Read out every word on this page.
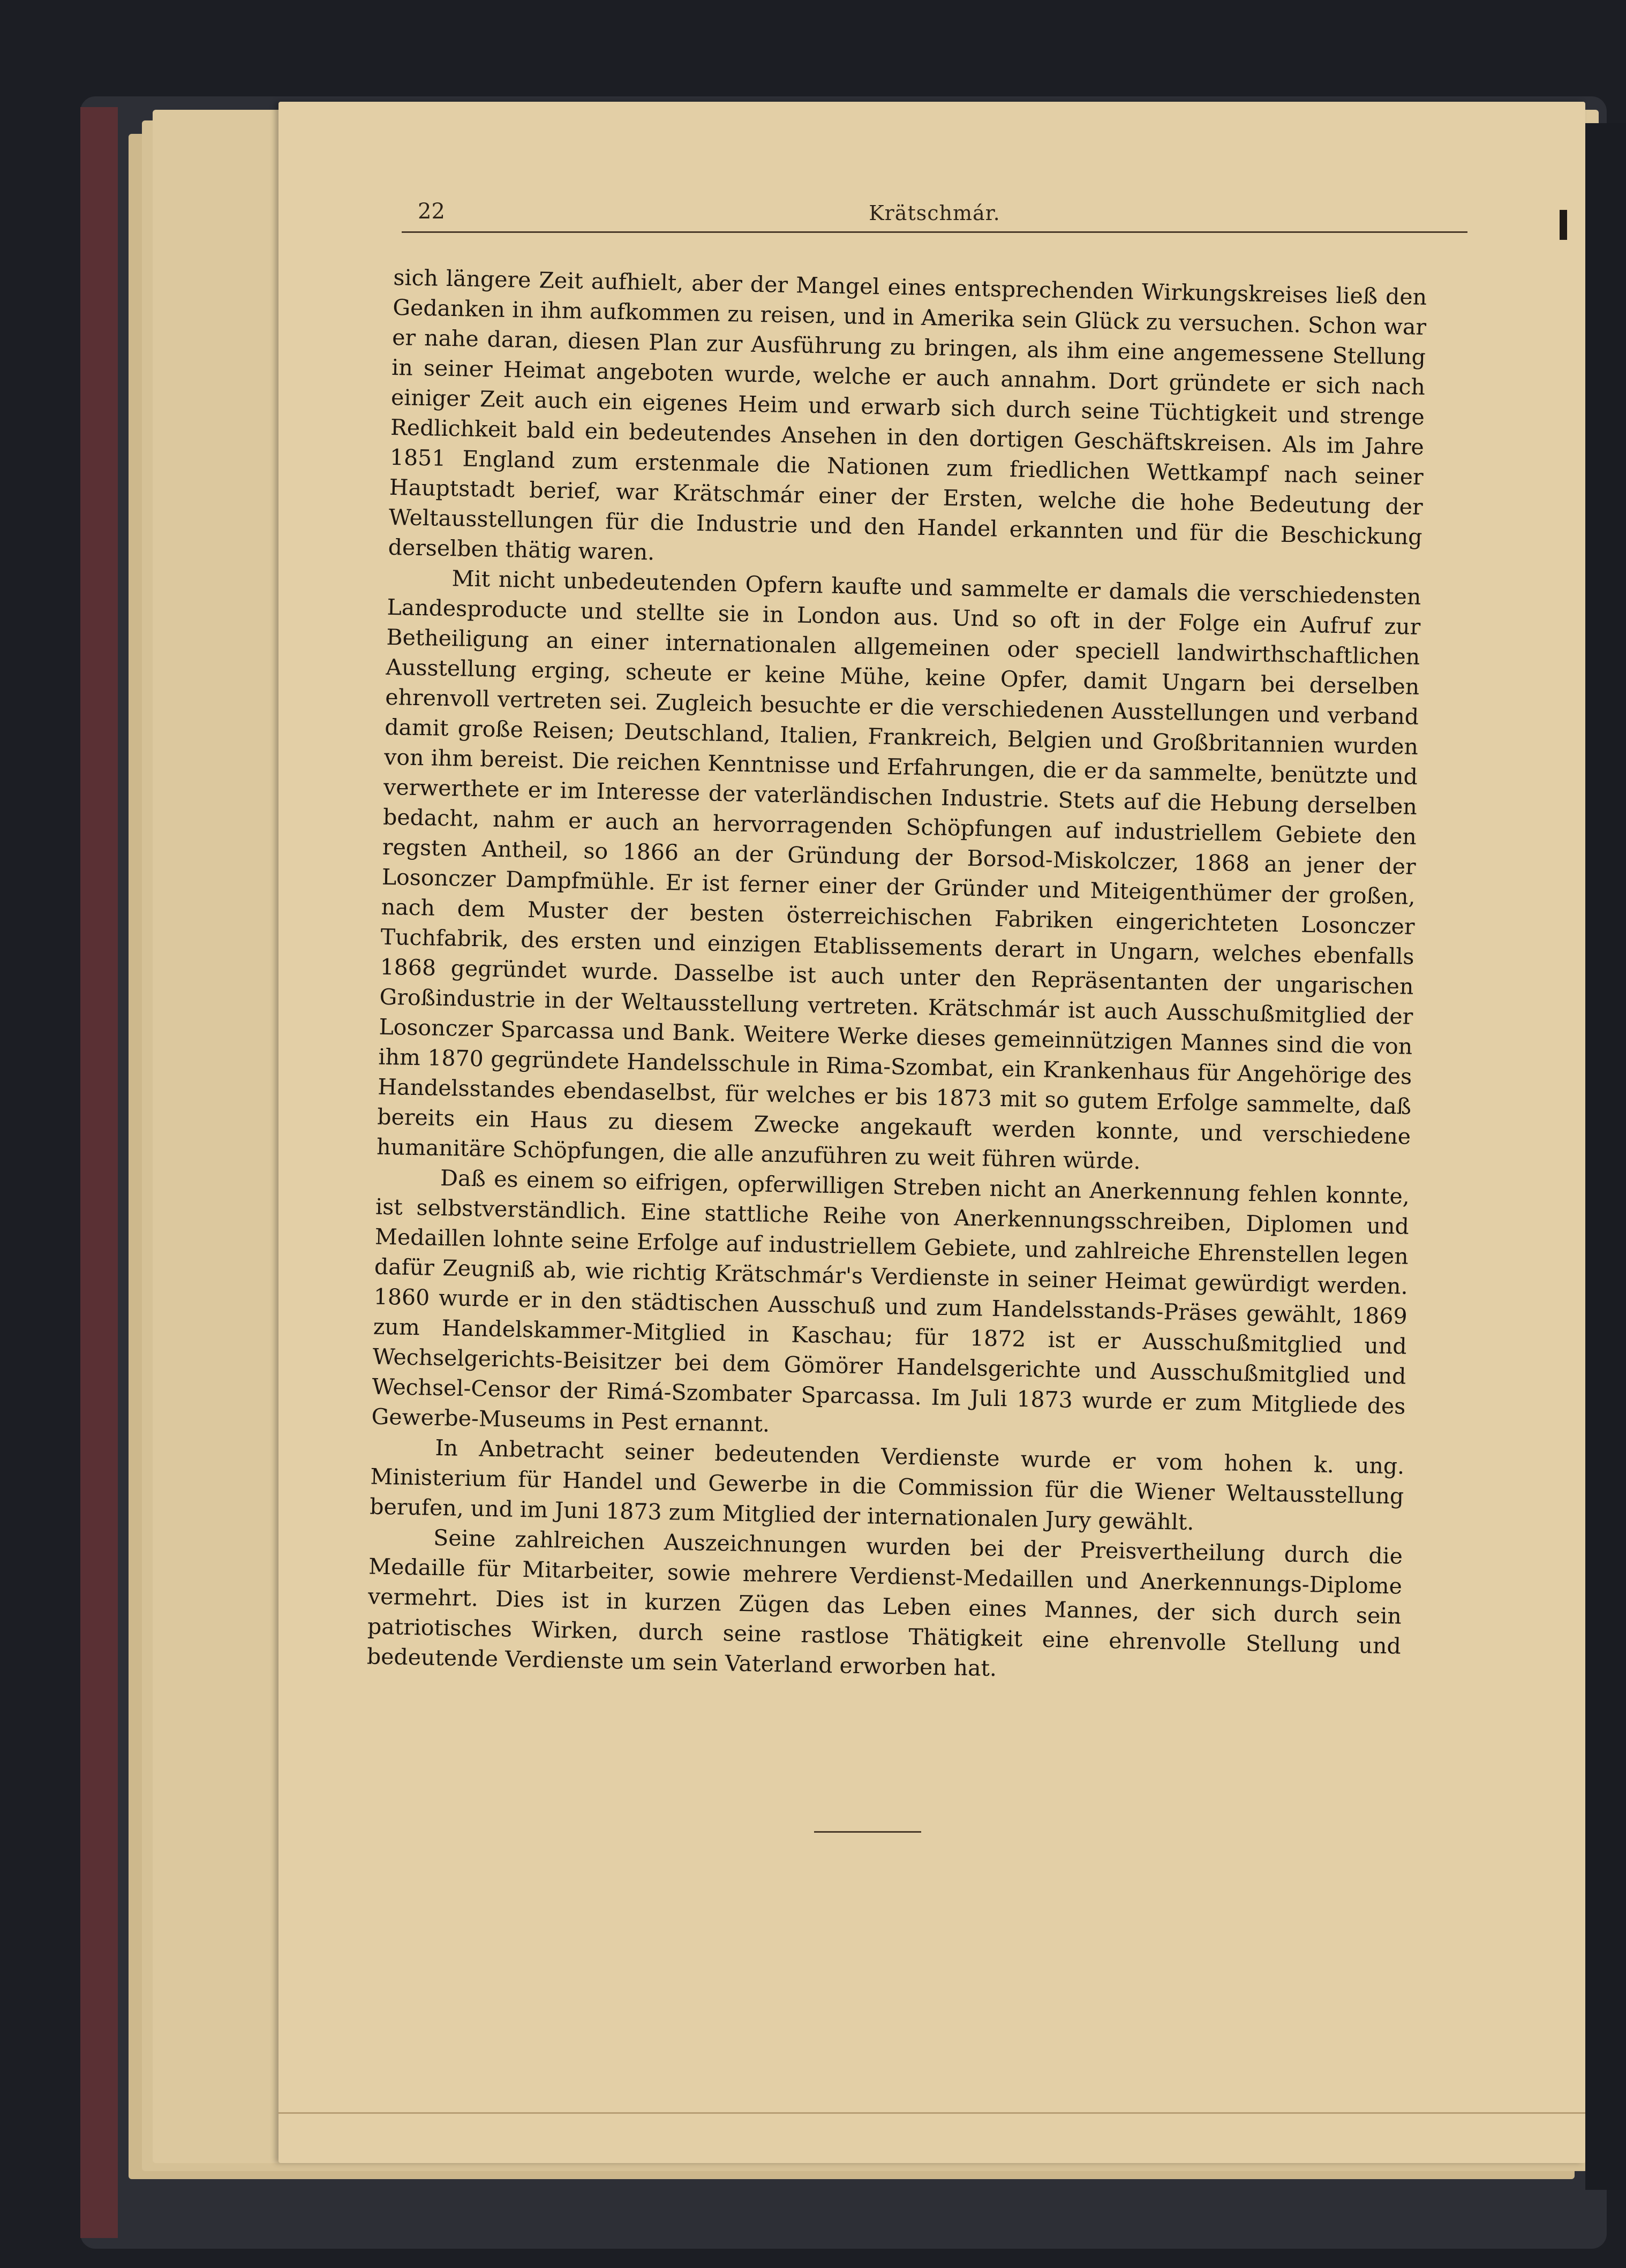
22	Krätschmár.

sich längere Zeit aufhielt, aber der Mangel eines entsprechenden Wirkungskreises ließ den Gedanken in ihm aufkommen zu reisen, und in Amerika sein Glück zu versuchen. Schon war er nahe daran, diesen Plan zur Ausführung zu bringen, als ihm eine angemessene Stellung in seiner Heimat angeboten wurde, welche er auch annahm. Dort gründete er sich nach einiger Zeit auch ein eigenes Heim und erwarb sich durch seine Tüchtigkeit und strenge Redlichkeit bald ein bedeutendes Ansehen in den dortigen Geschäftskreisen. Als im Jahre 1851 England zum erstenmale die Nationen zum friedlichen Wettkampf nach seiner Hauptstadt berief, war Krätschmár einer der Ersten, welche die hohe Bedeutung der Weltausstellungen für die Industrie und den Handel erkannten und für die Beschickung derselben thätig waren.

Mit nicht unbedeutenden Opfern kaufte und sammelte er damals die verschiedensten Landesproducte und stellte sie in London aus. Und so oft in der Folge ein Aufruf zur Betheiligung an einer internationalen allgemeinen oder speciell landwirthschaftlichen Ausstellung erging, scheute er keine Mühe, keine Opfer, damit Ungarn bei derselben ehrenvoll vertreten sei. Zugleich besuchte er die verschiedenen Ausstellungen und verband damit große Reisen; Deutschland, Italien, Frankreich, Belgien und Großbritannien wurden von ihm bereist. Die reichen Kenntnisse und Erfahrungen, die er da sammelte, benützte und verwerthete er im Interesse der vaterländischen Industrie. Stets auf die Hebung derselben bedacht, nahm er auch an hervorragenden Schöpfungen auf industriellem Gebiete den regsten Antheil, so 1866 an der Gründung der Borsod-Miskolczer, 1868 an jener der Losonczer Dampfmühle. Er ist ferner einer der Gründer und Miteigenthümer der großen, nach dem Muster der besten österreichischen Fabriken eingerichteten Losonczer Tuchfabrik, des ersten und einzigen Etablissements derart in Ungarn, welches ebenfalls 1868 gegründet wurde. Dasselbe ist auch unter den Repräsentanten der ungarischen Großindustrie in der Weltausstellung vertreten. Krätschmár ist auch Ausschußmitglied der Losonczer Sparcassa und Bank. Weitere Werke dieses gemeinnützigen Mannes sind die von ihm 1870 gegründete Handelsschule in Rima-Szombat, ein Krankenhaus für Angehörige des Handelsstandes ebendaselbst, für welches er bis 1873 mit so gutem Erfolge sammelte, daß bereits ein Haus zu diesem Zwecke angekauft werden konnte, und verschiedene humanitäre Schöpfungen, die alle anzuführen zu weit führen würde.

Daß es einem so eifrigen, opferwilligen Streben nicht an Anerkennung fehlen konnte, ist selbstverständlich. Eine stattliche Reihe von Anerkennungsschreiben, Diplomen und Medaillen lohnte seine Erfolge auf industriellem Gebiete, und zahlreiche Ehrenstellen legen dafür Zeugniß ab, wie richtig Krätschmár's Verdienste in seiner Heimat gewürdigt werden. 1860 wurde er in den städtischen Ausschuß und zum Handelsstands-Präses gewählt, 1869 zum Handelskammer-Mitglied in Kaschau; für 1872 ist er Ausschußmitglied und Wechselgerichts-Beisitzer bei dem Gömörer Handelsgerichte und Ausschußmitglied und Wechsel-Censor der Rimá-Szombater Sparcassa. Im Juli 1873 wurde er zum Mitgliede des Gewerbe-Museums in Pest ernannt.

In Anbetracht seiner bedeutenden Verdienste wurde er vom hohen k. ung. Ministerium für Handel und Gewerbe in die Commission für die Wiener Weltausstellung berufen, und im Juni 1873 zum Mitglied der internationalen Jury gewählt.

Seine zahlreichen Auszeichnungen wurden bei der Preisvertheilung durch die Medaille für Mitarbeiter, sowie mehrere Verdienst-Medaillen und Anerkennungs-Diplome vermehrt. Dies ist in kurzen Zügen das Leben eines Mannes, der sich durch sein patriotisches Wirken, durch seine rastlose Thätigkeit eine ehrenvolle Stellung und bedeutende Verdienste um sein Vaterland erworben hat.
